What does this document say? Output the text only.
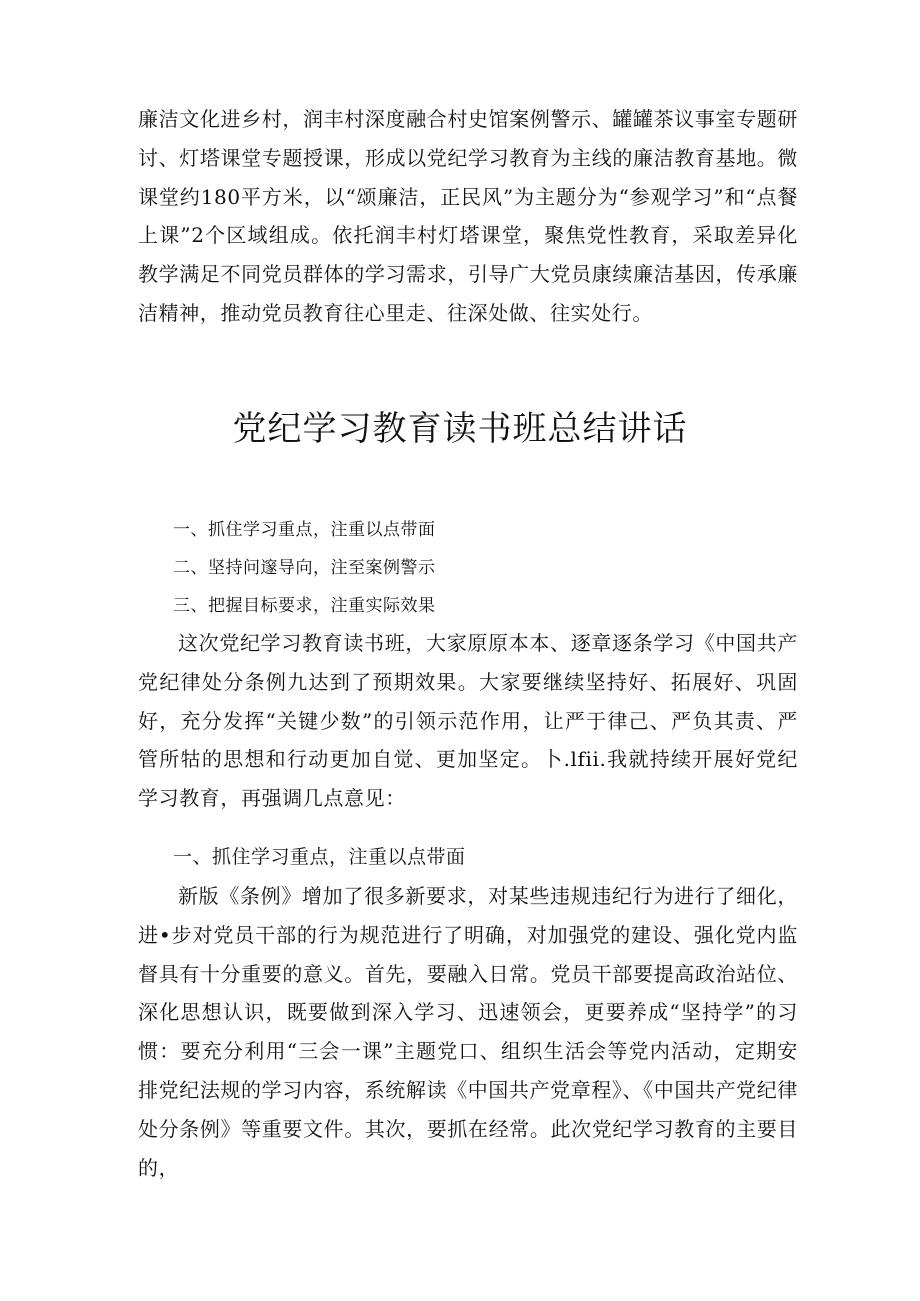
廉洁文化进乡村，润丰村深度融合村史馆案例警示、罐罐茶议事室专题研讨、灯塔课堂专题授课，形成以党纪学习教育为主线的廉洁教育基地。微课堂约180平方米，以“颂廉洁，正民风”为主题分为“参观学习”和“点餐上课”2个区域组成。依托润丰村灯塔课堂，聚焦党性教育，采取差异化教学满足不同党员群体的学习需求，引导广大党员康续廉洁基因，传承廉洁精神，推动党员教育往心里走、往深处做、往实处行。

党纪学习教育读书班总结讲话

一、抓住学习重点，注重以点带面

二、坚持问邃导向，注至案例警示

三、把握目标要求，注重实际效果

这次党纪学习教育读书班，大家原原本本、逐章逐条学习《中国共产党纪律处分条例九达到了预期效果。大家要继续坚持好、拓展好、巩固好，充分发挥“关键少数”的引领示范作用，让严于律己、严负其责、严管所牯的思想和行动更加自觉、更加坚定。卜.lfii.我就持续开展好党纪学习教育，再强调几点意见：

一、抓住学习重点，注重以点带面

新版《条例》增加了很多新要求，对某些违规违纪行为进行了细化，进•步对党员干部的行为规范进行了明确，对加强党的建设、强化党内监督具有十分重要的意义。首先，要融入日常。党员干部要提高政治站位、深化思想认识，既要做到深入学习、迅速领会，更要养成“坚持学”的习惯：要充分利用“三会一课”主题党口、组织生活会等党内活动，定期安排党纪法规的学习内容，系统解读《中国共产党章程》、《中国共产党纪律处分条例》等重要文件。其次，要抓在经常。此次党纪学习教育的主要目的，
